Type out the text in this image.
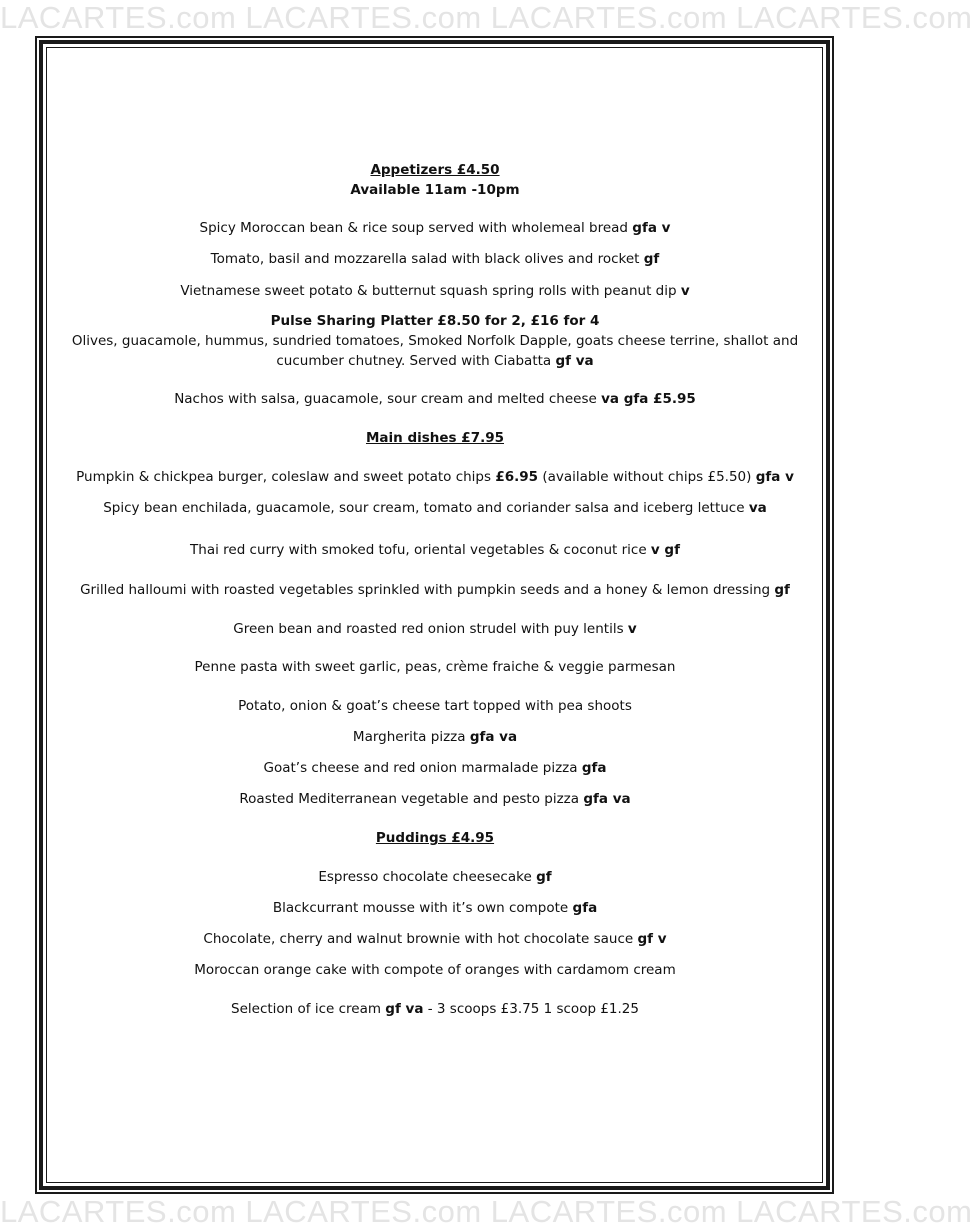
LACARTES.com LACARTES.com LACARTES.com LACARTES.com
LACARTES.com LACARTES.com LACARTES.com LACARTES.com
Appetizers £4.50
Available 11am -10pm
Spicy Moroccan bean & rice soup served with wholemeal bread gfa v
Tomato, basil and mozzarella salad with black olives and rocket gf
Vietnamese sweet potato & butternut squash spring rolls with peanut dip v
Pulse Sharing Platter £8.50 for 2, £16 for 4
Olives, guacamole, hummus, sundried tomatoes, Smoked Norfolk Dapple, goats cheese terrine, shallot and
cucumber chutney. Served with Ciabatta gf va
Nachos with salsa, guacamole, sour cream and melted cheese va gfa £5.95
Main dishes £7.95
Pumpkin & chickpea burger, coleslaw and sweet potato chips £6.95 (available without chips £5.50) gfa v
Spicy bean enchilada, guacamole, sour cream, tomato and coriander salsa and iceberg lettuce va
Thai red curry with smoked tofu, oriental vegetables & coconut rice v gf
Grilled halloumi with roasted vegetables sprinkled with pumpkin seeds and a honey & lemon dressing gf
Green bean and roasted red onion strudel with puy lentils v
Penne pasta with sweet garlic, peas, crème fraiche & veggie parmesan
Potato, onion & goat’s cheese tart topped with pea shoots
Margherita pizza gfa va
Goat’s cheese and red onion marmalade pizza gfa
Roasted Mediterranean vegetable and pesto pizza gfa va
Puddings £4.95
Espresso chocolate cheesecake gf
Blackcurrant mousse with it’s own compote gfa
Chocolate, cherry and walnut brownie with hot chocolate sauce gf v
Moroccan orange cake with compote of oranges with cardamom cream
Selection of ice cream gf va - 3 scoops £3.75 1 scoop £1.25
